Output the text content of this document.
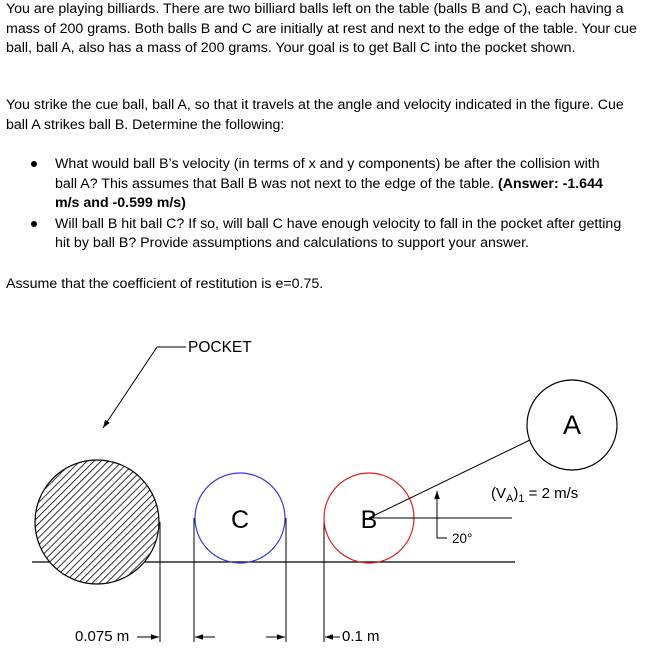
You are playing billiards. There are two billiard balls left on the table (balls B and C), each having a mass of 200 grams. Both balls B and C are initially at rest and next to the edge of the table. Your cue ball, ball A, also has a mass of 200 grams. Your goal is to get Ball C into the pocket shown.

You strike the cue ball, ball A, so that it travels at the angle and velocity indicated in the figure. Cue ball A strikes ball B. Determine the following:

What would ball B’s velocity (in terms of x and y components) be after the collision with ball A? This assumes that Ball B was not next to the edge of the table. (Answer: -1.644 m/s and -0.599 m/s)
Will ball B hit ball C? If so, will ball C have enough velocity to fall in the pocket after getting hit by ball B? Provide assumptions and calculations to support your answer.

Assume that the coefficient of restitution is e=0.75.

POCKET
C	B
A
$(V_A)_1 = 2$ m/s
20°
0.075 m	0.1 m
